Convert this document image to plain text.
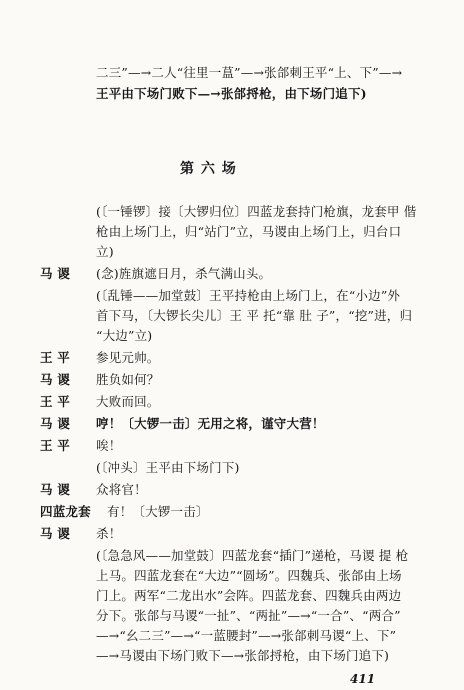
二三”—→二人“往里一蒀”—→张郃刺王平“上、下”—→
王平由下场门败下—→张郃捋枪，由下场门追下)
第 六 场
(〔一锤锣〕接〔大锣归位〕四蓝龙套持门枪旗，龙套甲 偕
枪由上场门上，归“站门”立，马谡由上场门上，归台口
立)
马 谡 (念)旌旗遮日月，杀气满山头。
(〔乱锤——加堂鼓〕王平持枪由上场门上，在“小边”外
首下马，〔大锣长尖儿〕王 平 托“靠 肚 子”，“挖”进，归
“大边”立)
王 平 参见元帅。
马 谡 胜负如何？
王 平 大败而回。
马 谡 哼！〔大锣一击〕无用之将，谨守大营！
王 平 唉！
(〔冲头〕王平由下场门下)
马 谡 众将官！
四蓝龙套 有！〔大锣一击〕
马 谡 杀！
(〔急急风——加堂鼓〕四蓝龙套“插门”递枪，马谡 提 枪
上马。四蓝龙套在“大边”“圆场”。四魏兵、张郃由上场
门上。两军“二龙出水”会阵。四蓝龙套、四魏兵由两边
分下。张郃与马谡“一扯”、“两扯”—→“一合”、“两合”
—→“幺二三”—→“一蓝腰封”—→张郃刺马谡“上、下”
—→马谡由下场门败下—→张郃捋枪，由下场门追下)
411
